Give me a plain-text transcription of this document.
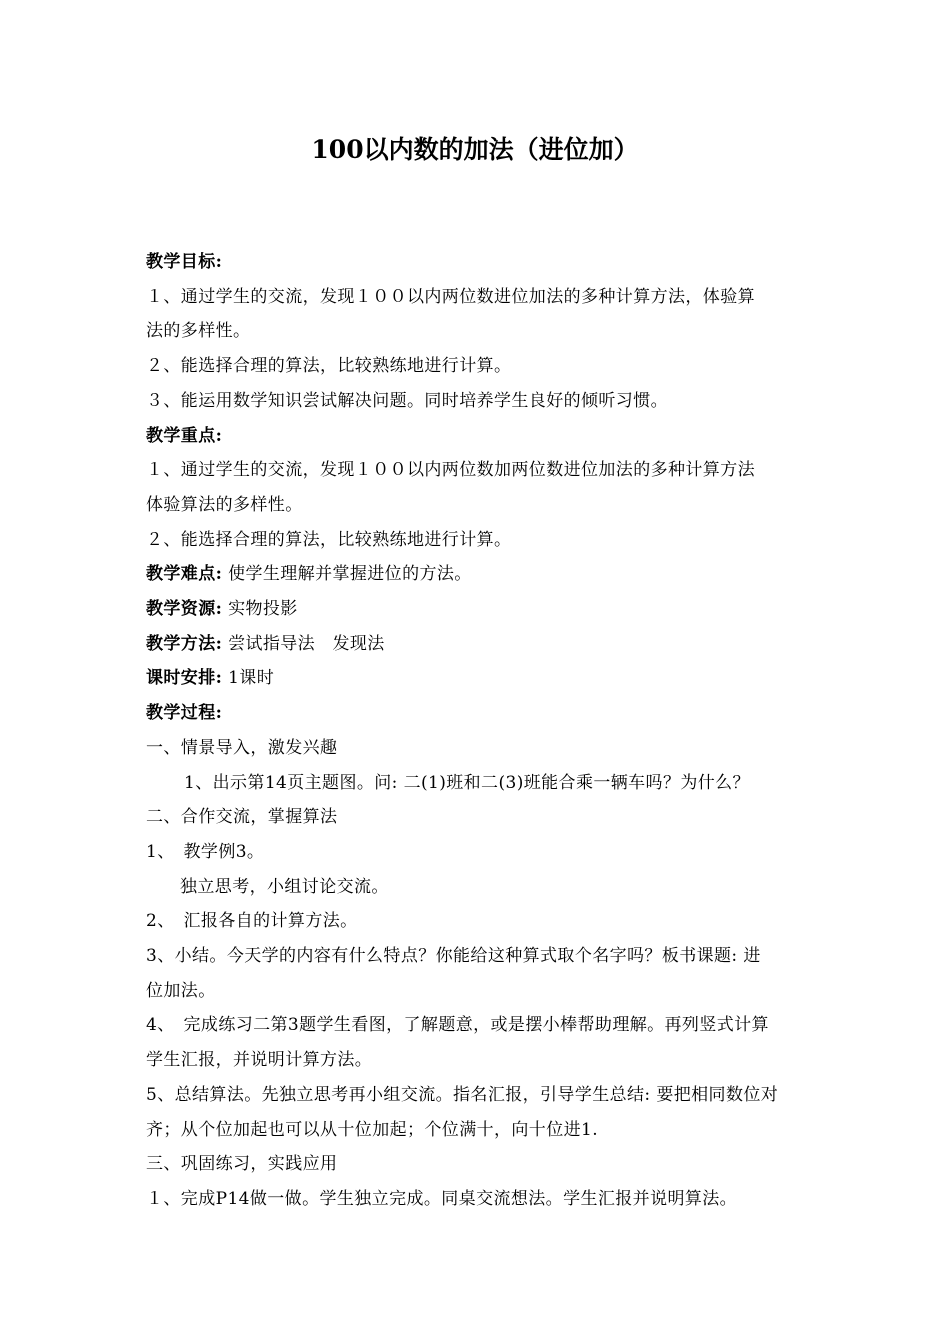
100以内数的加法（进位加）
教学目标:
１、通过学生的交流，发现１００以内两位数进位加法的多种计算方法，体验算
法的多样性。
２、能选择合理的算法，比较熟练地进行计算。
３、能运用数学知识尝试解决问题。同时培养学生良好的倾听习惯。
教学重点:
１、通过学生的交流，发现１００以内两位数加两位数进位加法的多种计算方法
体验算法的多样性。
２、能选择合理的算法，比较熟练地进行计算。
教学难点: 使学生理解并掌握进位的方法。
教学资源: 实物投影
教学方法: 尝试指导法　发现法
课时安排: 1课时
教学过程:
一、情景导入，激发兴趣
1、出示第14页主题图。问: 二(1)班和二(3)班能合乘一辆车吗？为什么？
二、合作交流，掌握算法
1、　教学例3。
独立思考，小组讨论交流。
2、　汇报各自的计算方法。
3、小结。今天学的内容有什么特点？你能给这种算式取个名字吗？板书课题: 进
位加法。
4、　完成练习二第3题学生看图，了解题意，或是摆小棒帮助理解。再列竖式计算
学生汇报，并说明计算方法。
5、总结算法。先独立思考再小组交流。指名汇报，引导学生总结: 要把相同数位对
齐；从个位加起也可以从十位加起；个位满十，向十位进1.
三、巩固练习，实践应用
１、完成P14做一做。学生独立完成。同桌交流想法。学生汇报并说明算法。
